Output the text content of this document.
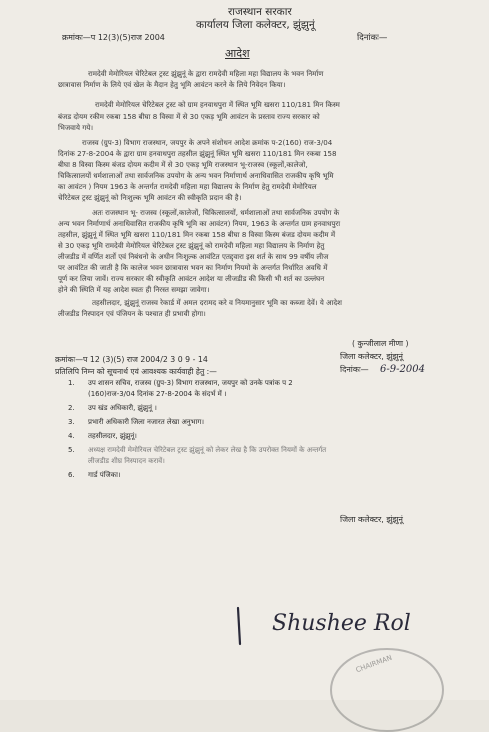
राजस्थान सरकार
कार्यालय जिला कलेक्टर, झुंझुनूं
क्रमांकः—प 12(3)(5)राज 2004	दिनांकः—
आदेश

रामदेवी मेमोरियल चेरिटेबल ट्रस्ट झुंझुनूं के द्वारा रामदेवी महिला महा विद्यालय के भवन निर्माण

छात्रावास निर्माण के लिये एवं खेल के मैदान हेतु भूमि आवंटन करने के लिये निवेदन किया।

रामदेवी मेमोरियल चेरिटेबल ट्रस्ट को ग्राम हनवाधपुरा में स्थित भूमि खसरा 110/181 मिन किस्म

बंजड दोयम रकीम रकबा 158 बीघा 8 विस्वा में से 30 एकड़ भूमि आवंटन के प्रस्ताव राज्य सरकार को

भिजवाये गये।

राजस्व (ग्रुप-3) विभाग राजस्थान, जयपुर के अपने संशोधन आदेश क्रमांक प-2(160) राज-3/04

दिनांक 27-8-2004 के द्वारा ग्राम हनवाधपुरा तहसील झुंझुनूं स्थित भूमि खसरा 110/181 मिन रकबा 158

बीघा 8 विस्वा किस्म बंजड दोयम कदीम में से 30 एकड़ भूमि राजस्थान भू-राजस्व (स्कूलों,कालेजो,

चिकित्सालयों धर्मशालाओं तथा सार्वजनिक उपयोग के अन्य भवन निर्माणार्थ अनाधिवासित राजकीय कृषि भूमि

का आवंटन ) नियम 1963 के अन्तर्गत रामदेवी महिला महा विद्यालय के निर्माण हेतु रामदेवी मेमोरियल

चेरिटेबल ट्रस्ट झुंझुनूं को निःशुल्क भूमि आवंटन की स्वीकृति प्रदान की है।

अतः राजस्थान भू- राजस्व (स्कूलों,कालेजों, चिकित्सालयों, धर्मशालाओं तथा सार्वजनिक उपयोग के

अन्य भवन निर्माणार्थ अनाधिवासित राजकीय कृषि भूमि का आवंटन) नियम, 1963 के अन्तर्गत ग्राम हनवाधपुरा

तहसील, झुंझुनूं में स्थित भूमि खसरा 110/181 मिन रकबा 158 बीघा 8 विस्वा किस्म बंजड दोयम कदीम में

से 30 एकड़ भूमि रामदेवी मेमोरियल चेरिटेबल ट्रस्ट झुंझुनूं को रामदेवी महिला महा विद्यालय के निर्माण हेतु

लीजडीड में वर्णित शर्तो एवं निबंधनो के अधीन निःशुल्क आवंटित एतद्द्वारा इस शर्त के साथ 99 वर्षीय लीज

पर आवंटित की जाती है कि कालेज भवन छात्रावास भवन का निर्माण नियमो के अन्तर्गत निर्धारित अवधि में

पूर्ण कर लिया जावें। राज्य सरकार की स्वीकृति आवंटन आदेश या लीजडीड की किसी भी शर्त का उल्लंघन

होने की स्थिति में यह आदेश स्वतः ही निरस्त समझा जावेगा।

तहसीलदार, झुंझुनूं राजस्व रेकार्ड में अमल दरामद करे व नियमानुसार भूमि का कब्जा देवें। ये आदेश

लीजडीड निस्पादन एवं पंजियन के पश्चात ही प्रभावी होगा।

( कुन्जीलाल मीणा )
जिला कलेक्टर, झुंझुनूं
दिनांकः— 6-9-2004
क्रमांकः—प 12 (3)(5) राज 2004/2 3 0 9 - 14
प्रतिलिपि निम्न को सूचनार्थ एवं आवश्यक कार्यवाही हेतु :—
1. उप शासन सचिव, राजस्व (ग्रुप-3) विभाग राजस्थान, जयपुर को उनके पत्रांक प 2
(160)राज-3/04 दिनांक 27-8-2004 के संदर्भ में ।
2. उप खंड अधिकारी, झुंझुनूं ।
3. प्रभारी अधिकारी जिला नजारत लेखा अनुभाग।
4. तहसीलदार, झुंझुनूं।
5. अध्यक्ष रामदेवी मेमोरियल चेरिटेबल ट्रस्ट झुंझुनूं को लेकर लेख है कि उपरोक्त नियमों के अन्तर्गत
लीजडीड शीघ्र निस्पादन करावें।
6. गार्ड पंजिका।
जिला कलेक्टर, झुंझुनूं
Shushee Rol
CHAIRMAN
